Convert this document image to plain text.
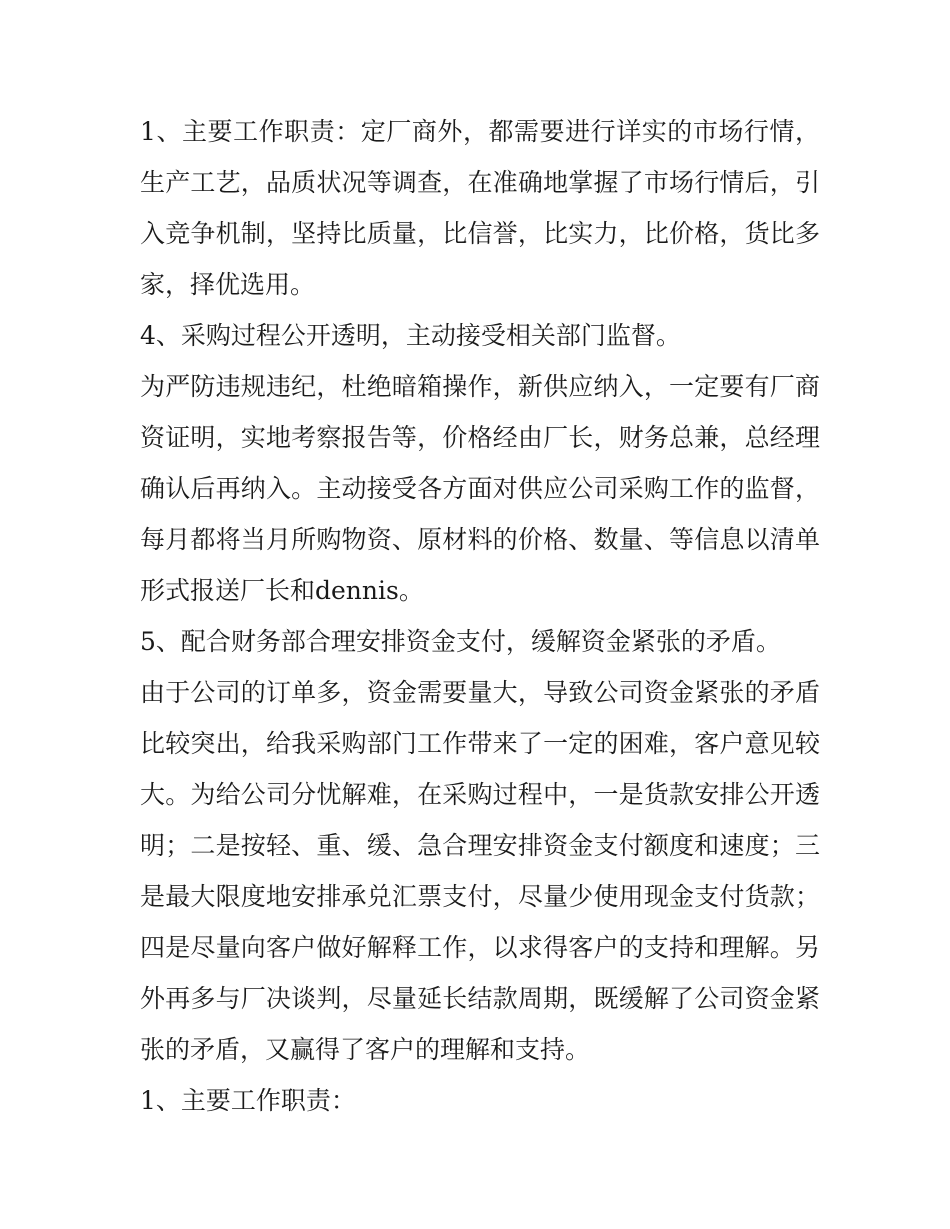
1、主要工作职责：定厂商外，都需要进行详实的市场行情，生产工艺，品质状况等调查，在准确地掌握了市场行情后，引入竞争机制，坚持比质量，比信誉，比实力，比价格，货比多家，择优选用。

4、采购过程公开透明，主动接受相关部门监督。

为严防违规违纪，杜绝暗箱操作，新供应纳入，一定要有厂商资证明，实地考察报告等，价格经由厂长，财务总兼，总经理确认后再纳入。主动接受各方面对供应公司采购工作的监督，每月都将当月所购物资、原材料的价格、数量、等信息以清单形式报送厂长和dennis。

5、配合财务部合理安排资金支付，缓解资金紧张的矛盾。

由于公司的订单多，资金需要量大，导致公司资金紧张的矛盾比较突出，给我采购部门工作带来了一定的困难，客户意见较大。为给公司分忧解难，在采购过程中，一是货款安排公开透明；二是按轻、重、缓、急合理安排资金支付额度和速度；三是最大限度地安排承兑汇票支付，尽量少使用现金支付货款；四是尽量向客户做好解释工作，以求得客户的支持和理解。另外再多与厂决谈判，尽量延长结款周期，既缓解了公司资金紧张的矛盾，又赢得了客户的理解和支持。

1、主要工作职责：
